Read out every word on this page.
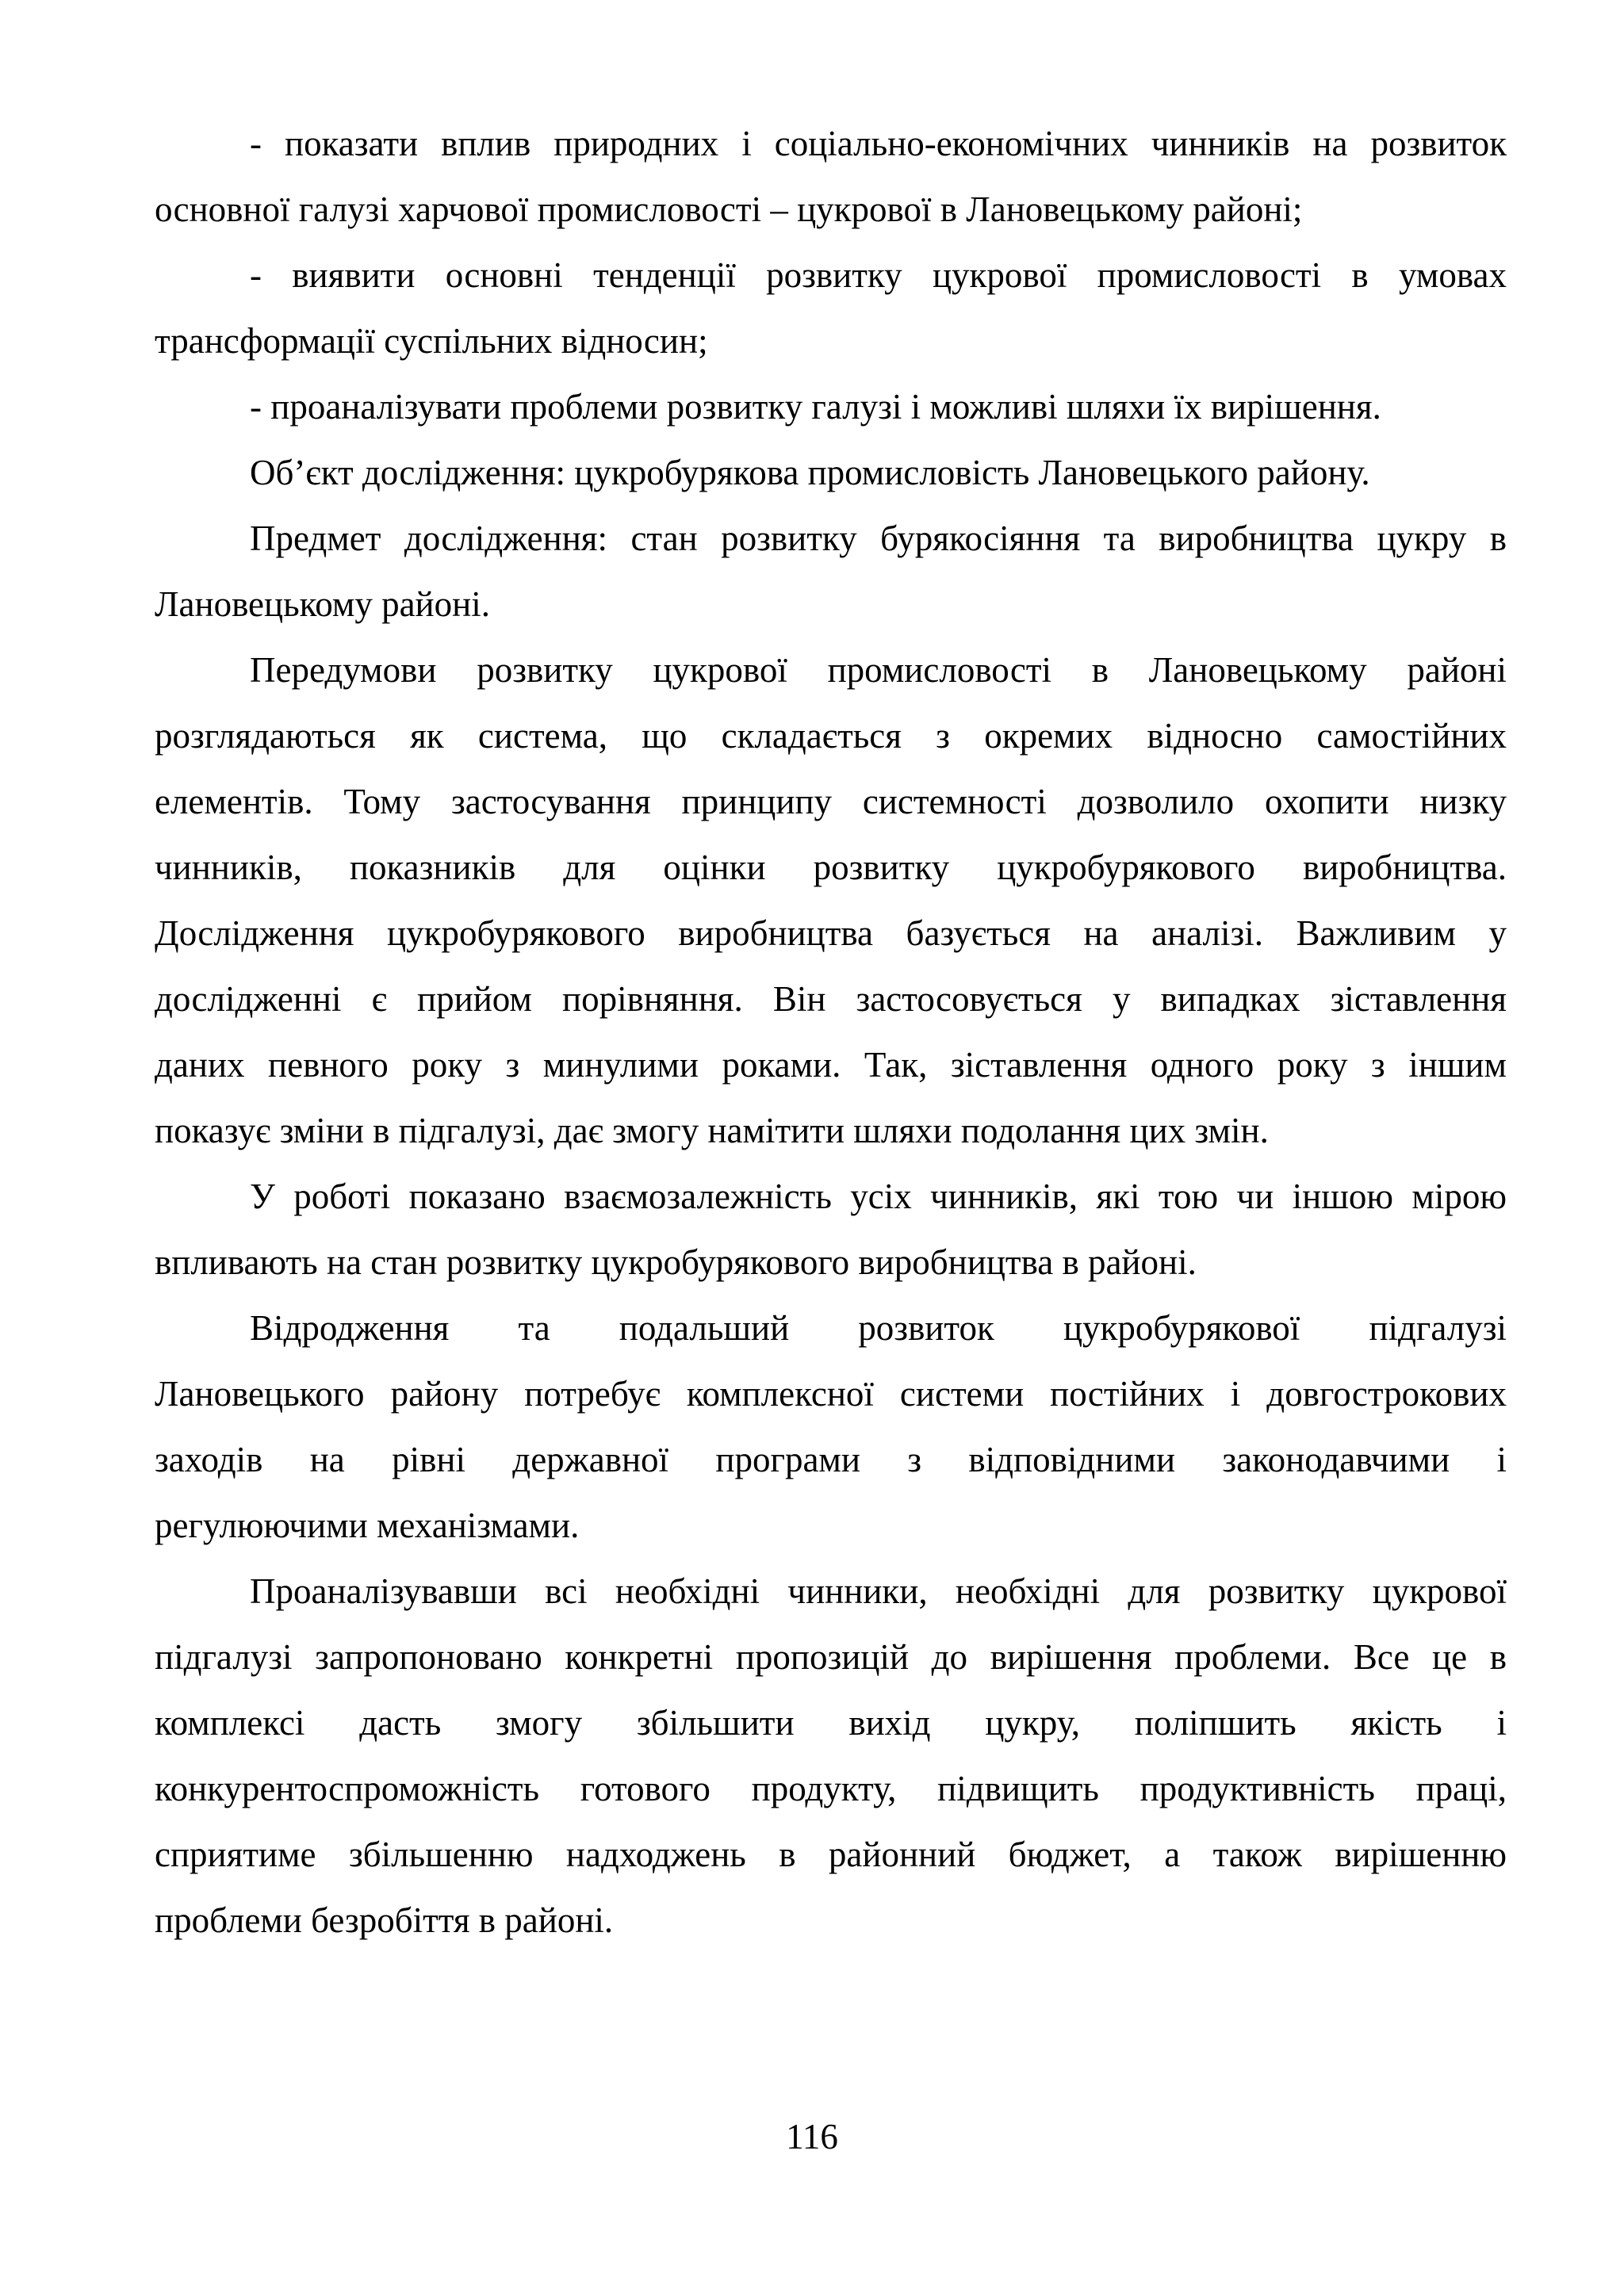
- показати вплив природних і соціально-економічних чинників на розвиток
основної галузі харчової промисловості – цукрової в Лановецькому районі;
- виявити основні тенденції розвитку цукрової промисловості в умовах
трансформації суспільних відносин;
- проаналізувати проблеми розвитку галузі і можливі шляхи їх вирішення.
Об’єкт дослідження: цукробурякова промисловість Лановецького району.
Предмет дослідження: стан розвитку бурякосіяння та виробництва цукру в
Лановецькому районі.
Передумови розвитку цукрової промисловості в Лановецькому районі
розглядаються як система, що складається з окремих відносно самостійних
елементів. Тому застосування принципу системності дозволило охопити низку
чинників, показників для оцінки розвитку цукробурякового виробництва.
Дослідження цукробурякового виробництва базується на аналізі. Важливим у
дослідженні є прийом порівняння. Він застосовується у випадках зіставлення
даних певного року з минулими роками. Так, зіставлення одного року з іншим
показує зміни в підгалузі, дає змогу намітити шляхи подолання цих змін.
У роботі показано взаємозалежність усіх чинників, які тою чи іншою мірою
впливають на стан розвитку цукробурякового виробництва в районі.
Відродження та подальший розвиток цукробурякової підгалузі
Лановецького району потребує комплексної системи постійних і довгострокових
заходів на рівні державної програми з відповідними законодавчими і
регулюючими механізмами.
Проаналізувавши всі необхідні чинники, необхідні для розвитку цукрової
підгалузі запропоновано конкретні пропозицій до вирішення проблеми. Все це в
комплексі дасть змогу збільшити вихід цукру, поліпшить якість і
конкурентоспроможність готового продукту, підвищить продуктивність праці,
сприятиме збільшенню надходжень в районний бюджет, а також вирішенню
проблеми безробіття в районі.
116
